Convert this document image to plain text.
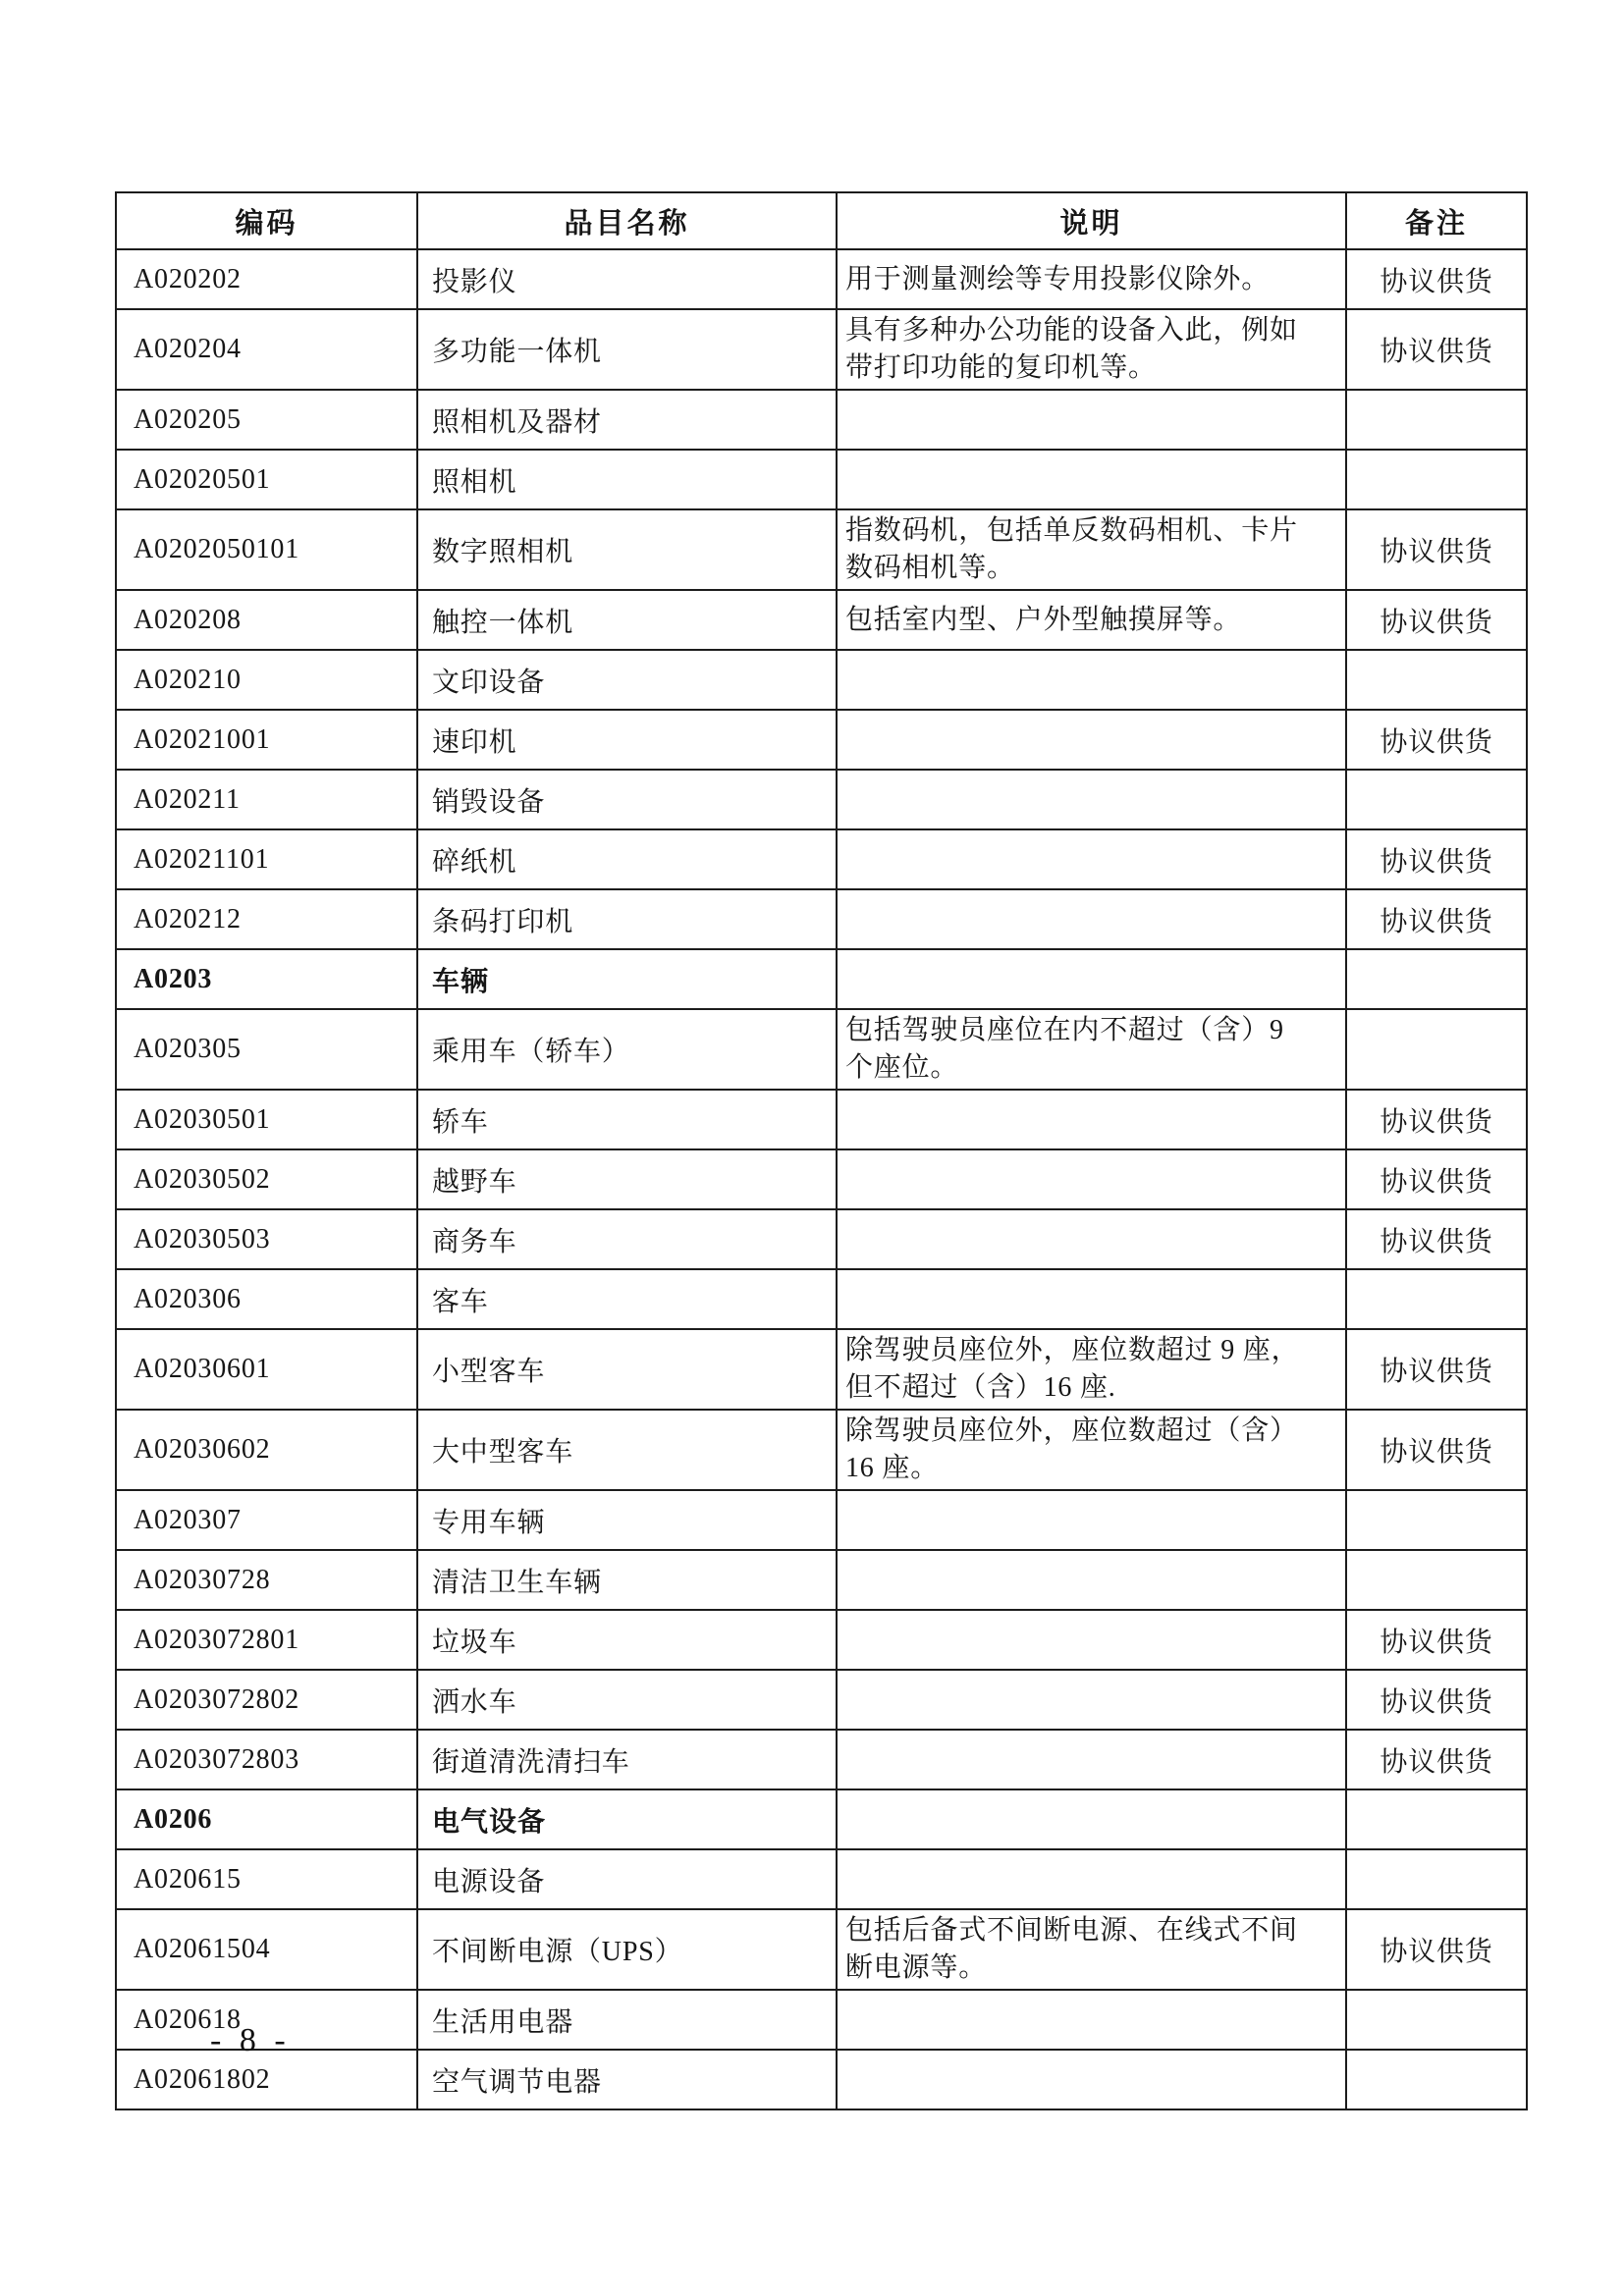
编码	品目名称	说明	备注
A020202	投影仪	用于测量测绘等专用投影仪除外。	协议供货
A020204	多功能一体机	具有多种办公功能的设备入此，例如带打印功能的复印机等。	协议供货
A020205	照相机及器材		
A02020501	照相机		
A0202050101	数字照相机	指数码机，包括单反数码相机、卡片数码相机等。	协议供货
A020208	触控一体机	包括室内型、户外型触摸屏等。	协议供货
A020210	文印设备		
A02021001	速印机		协议供货
A020211	销毁设备		
A02021101	碎纸机		协议供货
A020212	条码打印机		协议供货
A0203	车辆		
A020305	乘用车（轿车）	包括驾驶员座位在内不超过（含）9 个座位。	
A02030501	轿车		协议供货
A02030502	越野车		协议供货
A02030503	商务车		协议供货
A020306	客车		
A02030601	小型客车	除驾驶员座位外，座位数超过 9 座，但不超过（含）16 座.	协议供货
A02030602	大中型客车	除驾驶员座位外，座位数超过（含）16 座。	协议供货
A020307	专用车辆		
A02030728	清洁卫生车辆		
A0203072801	垃圾车		协议供货
A0203072802	洒水车		协议供货
A0203072803	街道清洗清扫车		协议供货
A0206	电气设备		
A020615	电源设备		
A02061504	不间断电源（UPS）	包括后备式不间断电源、在线式不间断电源等。	协议供货
A020618	生活用电器		
A02061802	空气调节电器		
- 8 -
